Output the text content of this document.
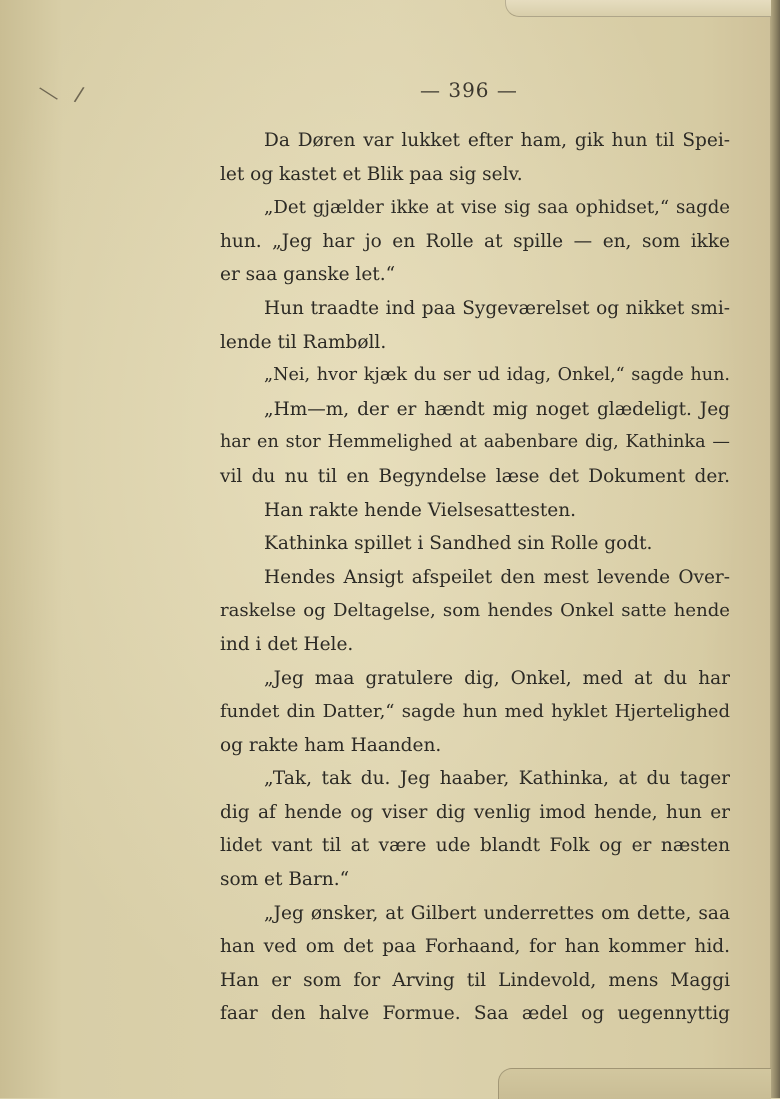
╲ /	— 396 —
Da Døren var lukket efter ham, gik hun til Spei-
let og kastet et Blik paa sig selv.
„Det gjælder ikke at vise sig saa ophidset,“ sagde
hun. „Jeg har jo en Rolle at spille — en, som ikke
er saa ganske let.“
Hun traadte ind paa Sygeværelset og nikket smi-
lende til Rambøll.
„Nei, hvor kjæk du ser ud idag, Onkel,“ sagde hun.
„Hm—m, der er hændt mig noget glædeligt. Jeg
har en stor Hemmelighed at aabenbare dig, Kathinka —
vil du nu til en Begyndelse læse det Dokument der.
Han rakte hende Vielsesattesten.
Kathinka spillet i Sandhed sin Rolle godt.
Hendes Ansigt afspeilet den mest levende Over-
raskelse og Deltagelse, som hendes Onkel satte hende
ind i det Hele.
„Jeg maa gratulere dig, Onkel, med at du har
fundet din Datter,“ sagde hun med hyklet Hjertelighed
og rakte ham Haanden.
„Tak, tak du. Jeg haaber, Kathinka, at du tager
dig af hende og viser dig venlig imod hende, hun er
lidet vant til at være ude blandt Folk og er næsten
som et Barn.“
„Jeg ønsker, at Gilbert underrettes om dette, saa
han ved om det paa Forhaand, for han kommer hid.
Han er som for Arving til Lindevold, mens Maggi
faar den halve Formue. Saa ædel og uegennyttig
